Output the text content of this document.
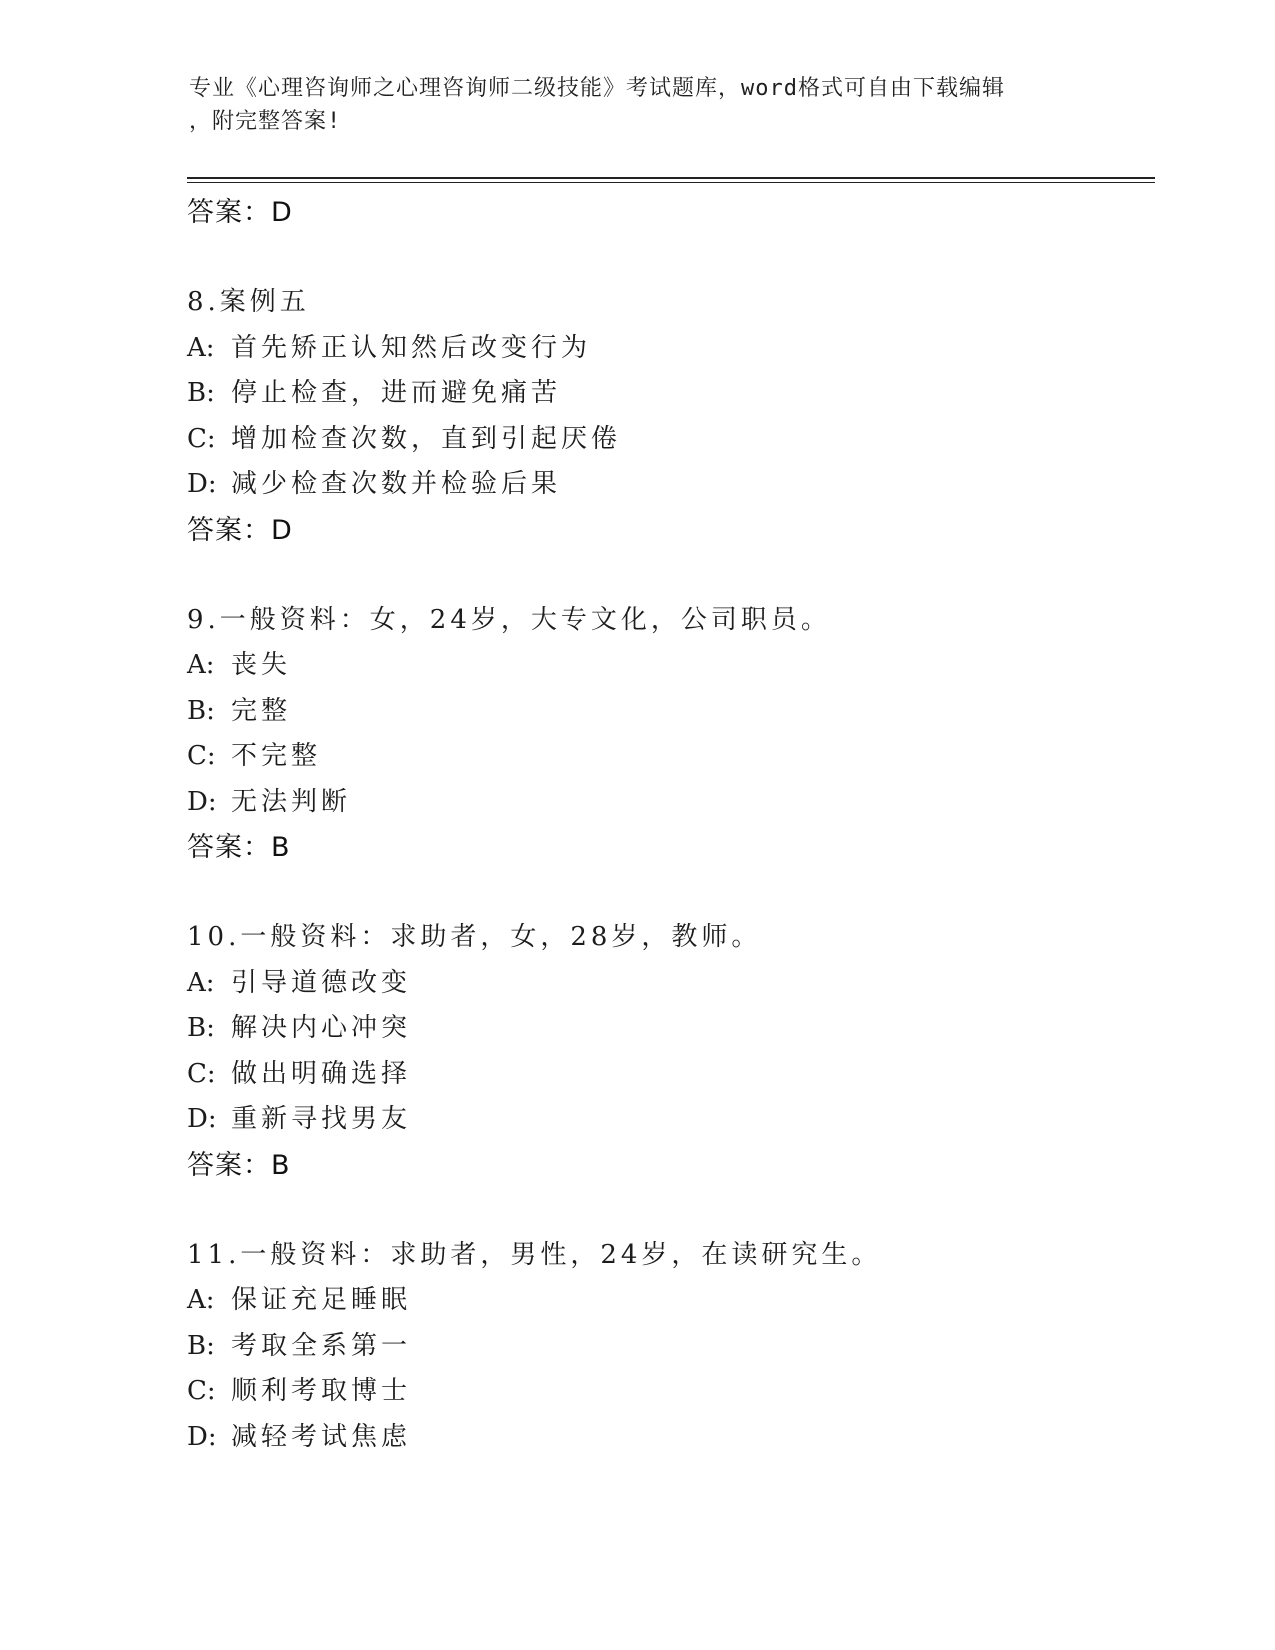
专业《心理咨询师之心理咨询师二级技能》考试题库，word格式可自由下载编辑
，附完整答案!
答案：D
8.案例五
A: 首先矫正认知然后改变行为
B: 停止检查，进而避免痛苦
C: 增加检查次数，直到引起厌倦
D: 减少检查次数并检验后果
答案：D
9.一般资料：女，24岁，大专文化，公司职员。
A: 丧失
B: 完整
C: 不完整
D: 无法判断
答案：B
10.一般资料：求助者，女，28岁，教师。
A: 引导道德改变
B: 解决内心冲突
C: 做出明确选择
D: 重新寻找男友
答案：B
11.一般资料：求助者，男性，24岁，在读研究生。
A: 保证充足睡眠
B: 考取全系第一
C: 顺利考取博士
D: 减轻考试焦虑
